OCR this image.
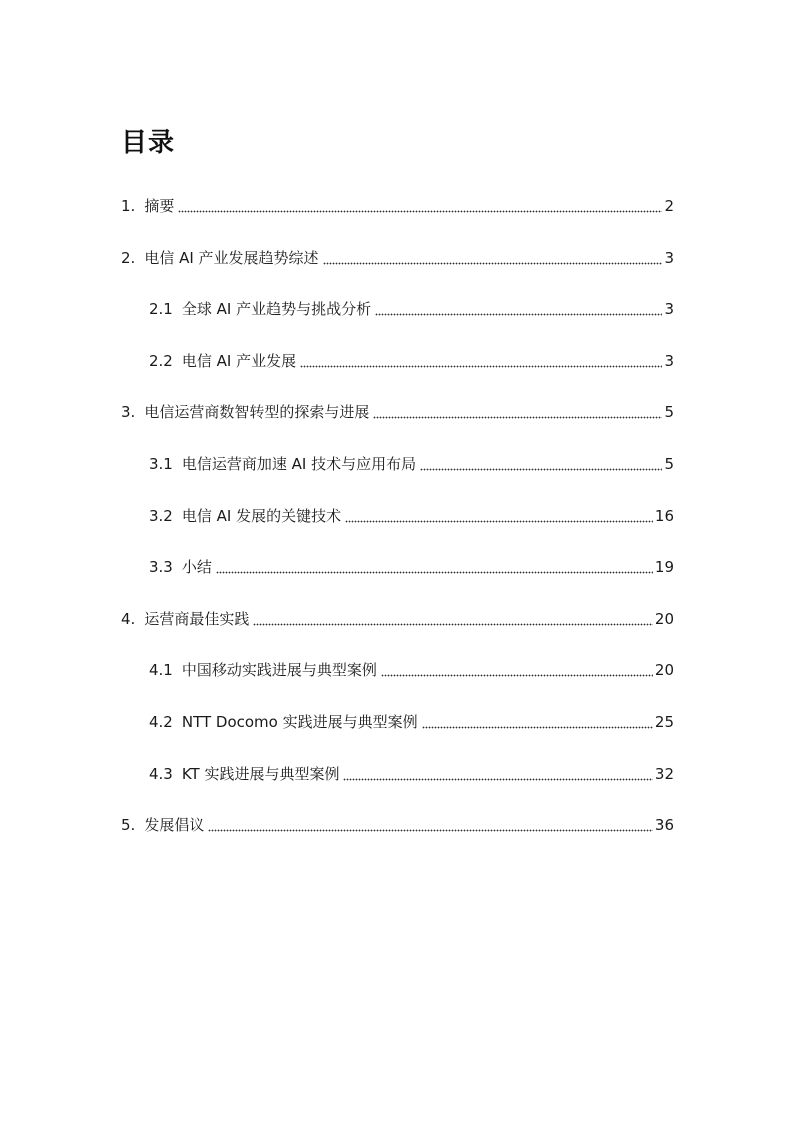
目录
1. 摘要	2
2. 电信 AI 产业发展趋势综述	3
2.1 全球 AI 产业趋势与挑战分析	3
2.2 电信 AI 产业发展	3
3. 电信运营商数智转型的探索与进展	5
3.1 电信运营商加速 AI 技术与应用布局	5
3.2 电信 AI 发展的关键技术	16
3.3 小结	19
4. 运营商最佳实践	20
4.1 中国移动实践进展与典型案例	20
4.2 NTT Docomo 实践进展与典型案例	25
4.3 KT 实践进展与典型案例	32
5. 发展倡议	36
